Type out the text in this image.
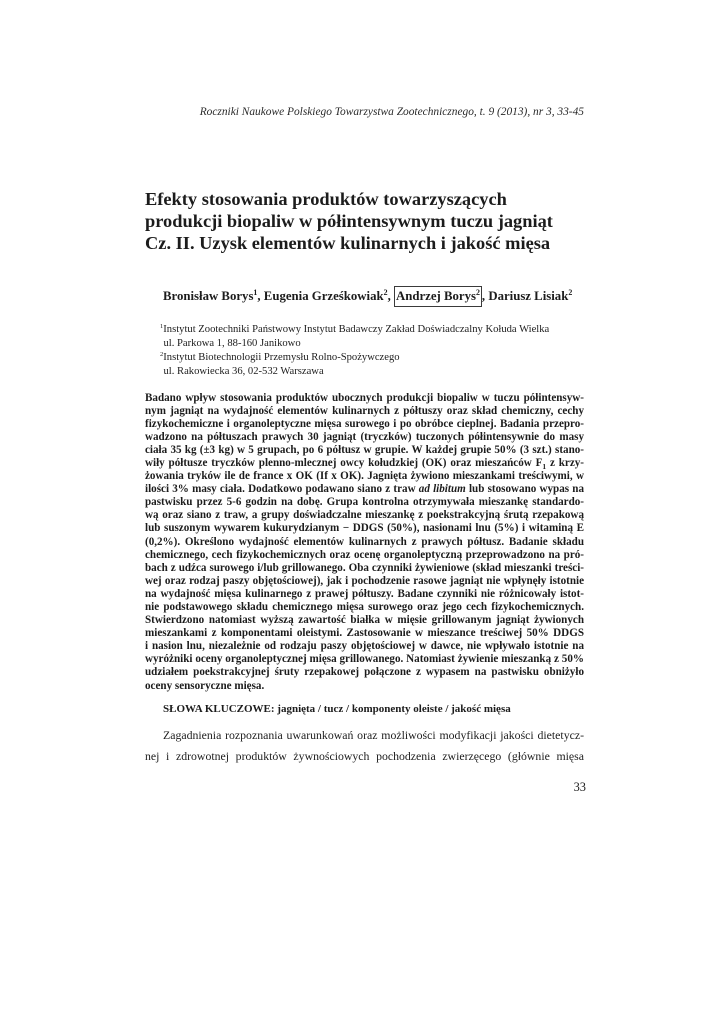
Roczniki Naukowe Polskiego Towarzystwa Zootechnicznego, t. 9 (2013), nr 3, 33-45
Efekty stosowania produktów towarzyszących
produkcji biopaliw w półintensywnym tuczu jagniąt
Cz. II. Uzysk elementów kulinarnych i jakość mięsa
Bronisław Borys$^1$, Eugenia Grześkowiak$^2$, Andrzej Borys$^2$ , Dariusz Lisiak$^2$
$^1$Instytut Zootechniki Państwowy Instytut Badawczy Zakład Doświadczalny Kołuda Wielka
ul. Parkowa 1, 88-160 Janikowo
$^2$Instytut Biotechnologii Przemysłu Rolno-Spożywczego
ul. Rakowiecka 36, 02-532 Warszawa
Badano wpływ stosowania produktów ubocznych produkcji biopaliw w tuczu półintensyw-
nym jagniąt na wydajność elementów kulinarnych z półtuszy oraz skład chemiczny, cechy
fizykochemiczne i organoleptyczne mięsa surowego i po obróbce cieplnej. Badania przepro-
wadzono na półtuszach prawych 30 jagniąt (tryczków) tuczonych półintensywnie do masy
ciała 35 kg (±3 kg) w 5 grupach, po 6 półtusz w grupie. W każdej grupie 50% (3 szt.) stano-
wiły półtusze tryczków plenno-mlecznej owcy kołudzkiej (OK) oraz mieszańców $F_1$ z krzy-
żowania tryków ile de france x OK (If x OK). Jagnięta żywiono mieszankami treściwymi, w
ilości 3% masy ciała. Dodatkowo podawano siano z traw ad libitum lub stosowano wypas na
pastwisku przez 5-6 godzin na dobę. Grupa kontrolna otrzymywała mieszankę standardo-
wą oraz siano z traw, a grupy doświadczalne mieszankę z poekstrakcyjną śrutą rzepakową
lub suszonym wywarem kukurydzianym − DDGS (50%), nasionami lnu (5%) i witaminą E
(0,2%). Określono wydajność elementów kulinarnych z prawych półtusz. Badanie składu
chemicznego, cech fizykochemicznych oraz ocenę organoleptyczną przeprowadzono na pró-
bach z udźca surowego i/lub grillowanego. Oba czynniki żywieniowe (skład mieszanki treści-
wej oraz rodzaj paszy objętościowej), jak i pochodzenie rasowe jagniąt nie wpłynęły istotnie
na wydajność mięsa kulinarnego z prawej półtuszy. Badane czynniki nie różnicowały istot-
nie podstawowego składu chemicznego mięsa surowego oraz jego cech fizykochemicznych.
Stwierdzono natomiast wyższą zawartość białka w mięsie grillowanym jagniąt żywionych
mieszankami z komponentami oleistymi. Zastosowanie w mieszance treściwej 50% DDGS
i nasion lnu, niezależnie od rodzaju paszy objętościowej w dawce, nie wpływało istotnie na
wyróżniki oceny organoleptycznej mięsa grillowanego. Natomiast żywienie mieszanką z 50%
udziałem poekstrakcyjnej śruty rzepakowej połączone z wypasem na pastwisku obniżyło
oceny sensoryczne mięsa.
SŁOWA KLUCZOWE: jagnięta / tucz / komponenty oleiste / jakość mięsa
Zagadnienia rozpoznania uwarunkowań oraz możliwości modyfikacji jakości dietetycz-
nej i zdrowotnej produktów żywnościowych pochodzenia zwierzęcego (głównie mięsa
33
